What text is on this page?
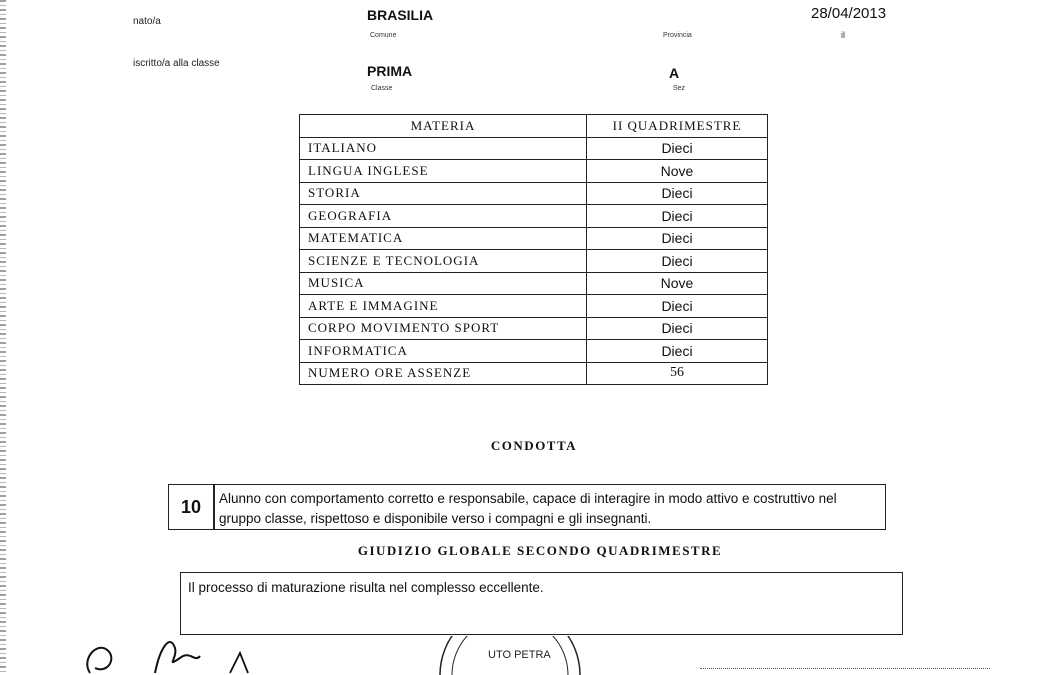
nato/a	BRASILIA	28/04/2013
Comune	Provincia	il
iscritto/a alla classe	PRIMA	A
Classe	Sez
MATERIA	II QUADRIMESTRE
ITALIANO	Dieci
LINGUA INGLESE	Nove
STORIA	Dieci
GEOGRAFIA	Dieci
MATEMATICA	Dieci
SCIENZE E TECNOLOGIA	Dieci
MUSICA	Nove
ARTE E IMMAGINE	Dieci
CORPO MOVIMENTO SPORT	Dieci
INFORMATICA	Dieci
NUMERO ORE ASSENZE	56
CONDOTTA
10	Alunno con comportamento corretto e responsabile, capace di interagire in modo attivo e costruttivo nel gruppo classe, rispettoso e disponibile verso i compagni e gli insegnanti.
GIUDIZIO GLOBALE SECONDO QUADRIMESTRE
Il processo di maturazione risulta nel complesso eccellente.
UTO PETRA
